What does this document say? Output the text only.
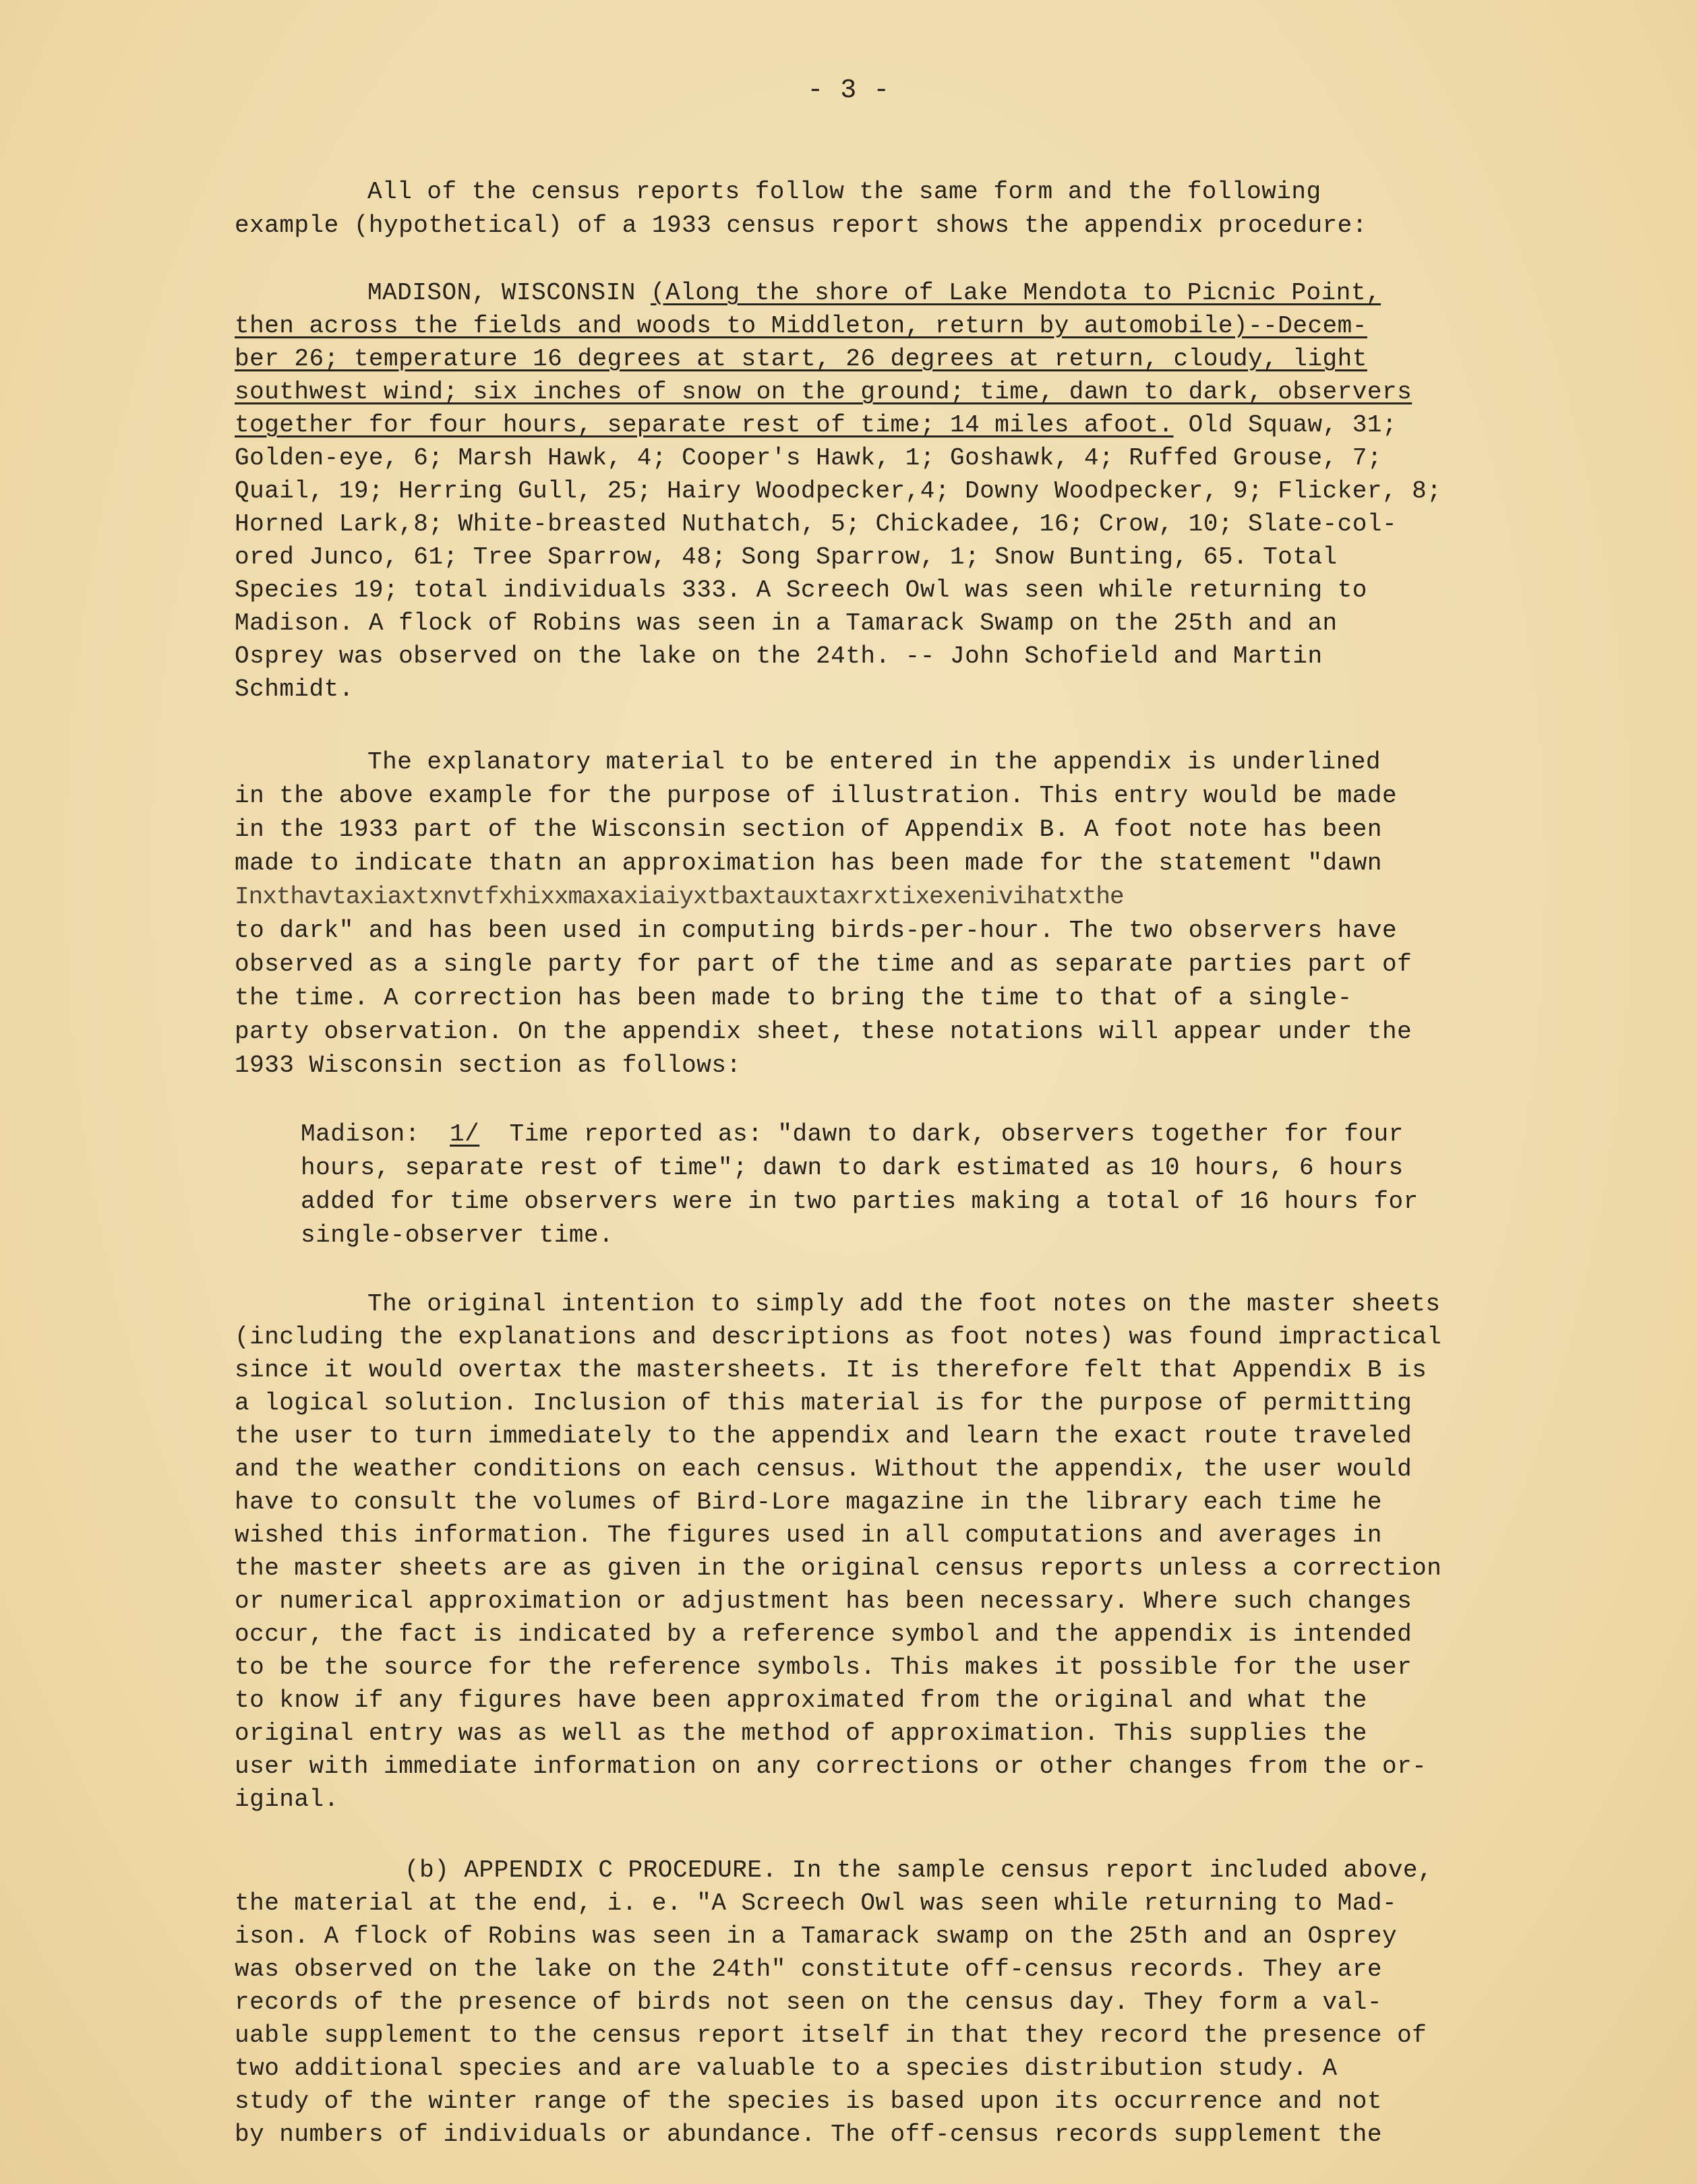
- 3 -
All of the census reports follow the same form and the following
example (hypothetical) of a 1933 census report shows the appendix procedure:
MADISON, WISCONSIN (Along the shore of Lake Mendota to Picnic Point,
then across the fields and woods to Middleton, return by automobile)--Decem-
ber 26; temperature 16 degrees at start, 26 degrees at return, cloudy, light
southwest wind; six inches of snow on the ground; time, dawn to dark, observers
together for four hours, separate rest of time; 14 miles afoot. Old Squaw, 31;
Golden-eye, 6; Marsh Hawk, 4; Cooper's Hawk, 1; Goshawk, 4; Ruffed Grouse, 7;
Quail, 19; Herring Gull, 25; Hairy Woodpecker,4; Downy Woodpecker, 9; Flicker, 8;
Horned Lark,8; White-breasted Nuthatch, 5; Chickadee, 16; Crow, 10; Slate-col-
ored Junco, 61; Tree Sparrow, 48; Song Sparrow, 1; Snow Bunting, 65. Total
Species 19; total individuals 333. A Screech Owl was seen while returning to
Madison. A flock of Robins was seen in a Tamarack Swamp on the 25th and an
Osprey was observed on the lake on the 24th. -- John Schofield and Martin
Schmidt.
The explanatory material to be entered in the appendix is underlined
in the above example for the purpose of illustration. This entry would be made
in the 1933 part of the Wisconsin section of Appendix B. A foot note has been
made to indicate thatn an approximation has been made for the statement "dawn
Inxthavtaxiaxtxnvtfxhixxmaxaxiaiyxtbaxtauxtaxrxtixexenivihatxthe
to dark" and has been used in computing birds-per-hour. The two observers have
observed as a single party for part of the time and as separate parties part of
the time. A correction has been made to bring the time to that of a single-
party observation. On the appendix sheet, these notations will appear under the
1933 Wisconsin section as follows:
Madison: 1/ Time reported as: "dawn to dark, observers together for four
hours, separate rest of time"; dawn to dark estimated as 10 hours, 6 hours
added for time observers were in two parties making a total of 16 hours for
single-observer time.
The original intention to simply add the foot notes on the master sheets
(including the explanations and descriptions as foot notes) was found impractical
since it would overtax the mastersheets. It is therefore felt that Appendix B is
a logical solution. Inclusion of this material is for the purpose of permitting
the user to turn immediately to the appendix and learn the exact route traveled
and the weather conditions on each census. Without the appendix, the user would
have to consult the volumes of Bird-Lore magazine in the library each time he
wished this information. The figures used in all computations and averages in
the master sheets are as given in the original census reports unless a correction
or numerical approximation or adjustment has been necessary. Where such changes
occur, the fact is indicated by a reference symbol and the appendix is intended
to be the source for the reference symbols. This makes it possible for the user
to know if any figures have been approximated from the original and what the
original entry was as well as the method of approximation. This supplies the
user with immediate information on any corrections or other changes from the or-
iginal.
(b) APPENDIX C PROCEDURE. In the sample census report included above,
the material at the end, i. e. "A Screech Owl was seen while returning to Mad-
ison. A flock of Robins was seen in a Tamarack swamp on the 25th and an Osprey
was observed on the lake on the 24th" constitute off-census records. They are
records of the presence of birds not seen on the census day. They form a val-
uable supplement to the census report itself in that they record the presence of
two additional species and are valuable to a species distribution study. A
study of the winter range of the species is based upon its occurrence and not
by numbers of individuals or abundance. The off-census records supplement the
